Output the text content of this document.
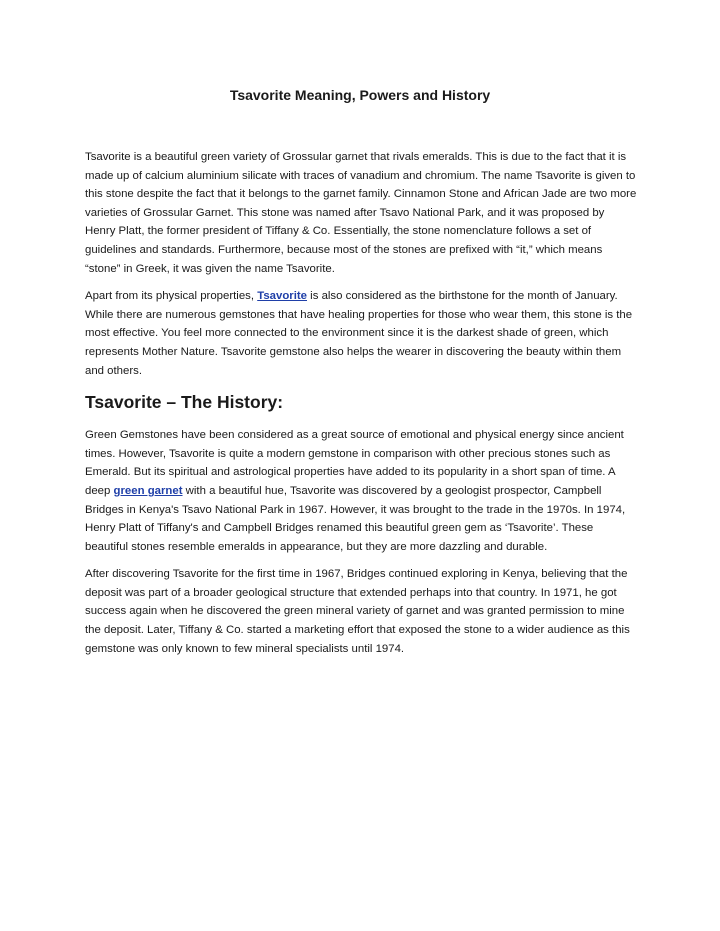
Tsavorite Meaning, Powers and History

Tsavorite is a beautiful green variety of Grossular garnet that rivals emeralds. This is due to the fact that it is made up of calcium aluminium silicate with traces of vanadium and chromium. The name Tsavorite is given to this stone despite the fact that it belongs to the garnet family. Cinnamon Stone and African Jade are two more varieties of Grossular Garnet. This stone was named after Tsavo National Park, and it was proposed by Henry Platt, the former president of Tiffany & Co. Essentially, the stone nomenclature follows a set of guidelines and standards. Furthermore, because most of the stones are prefixed with “it,” which means “stone” in Greek, it was given the name Tsavorite.

Apart from its physical properties, Tsavorite is also considered as the birthstone for the month of January. While there are numerous gemstones that have healing properties for those who wear them, this stone is the most effective. You feel more connected to the environment since it is the darkest shade of green, which represents Mother Nature. Tsavorite gemstone also helps the wearer in discovering the beauty within them and others.

Tsavorite – The History:

Green Gemstones have been considered as a great source of emotional and physical energy since ancient times. However, Tsavorite is quite a modern gemstone in comparison with other precious stones such as Emerald. But its spiritual and astrological properties have added to its popularity in a short span of time. A deep green garnet with a beautiful hue, Tsavorite was discovered by a geologist prospector, Campbell Bridges in Kenya's Tsavo National Park in 1967. However, it was brought to the trade in the 1970s. In 1974, Henry Platt of Tiffany's and Campbell Bridges renamed this beautiful green gem as ‘Tsavorite’. These beautiful stones resemble emeralds in appearance, but they are more dazzling and durable.

After discovering Tsavorite for the first time in 1967, Bridges continued exploring in Kenya, believing that the deposit was part of a broader geological structure that extended perhaps into that country. In 1971, he got success again when he discovered the green mineral variety of garnet and was granted permission to mine the deposit. Later, Tiffany & Co. started a marketing effort that exposed the stone to a wider audience as this gemstone was only known to few mineral specialists until 1974.
